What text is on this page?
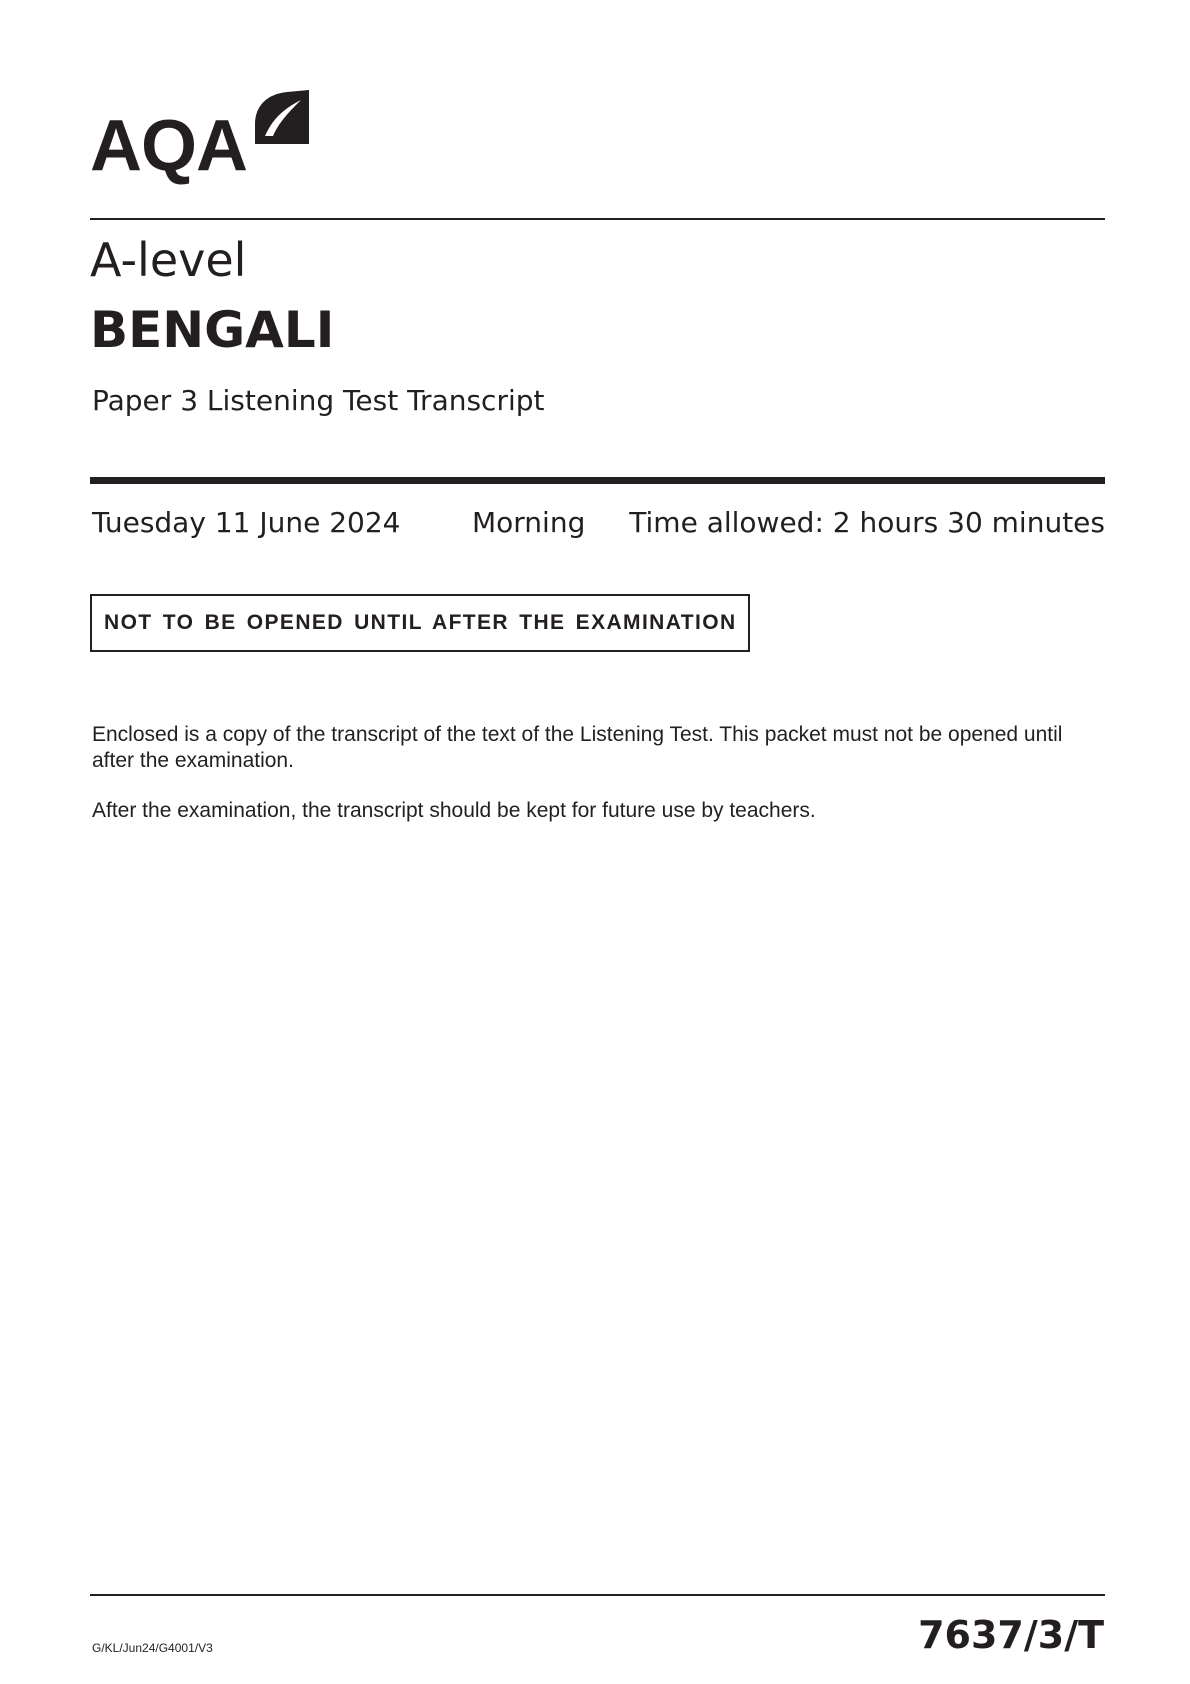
AQA
A-level
BENGALI
Paper 3 Listening Test Transcript
Tuesday 11 June 2024	Morning Time allowed: 2 hours 30 minutes
NOT TO BE OPENED UNTIL AFTER THE EXAMINATION
Enclosed is a copy of the transcript of the text of the Listening Test. This packet must not be opened until after the examination.
After the examination, the transcript should be kept for future use by teachers.
G/KL/Jun24/G4001/V3	7637/3/T
